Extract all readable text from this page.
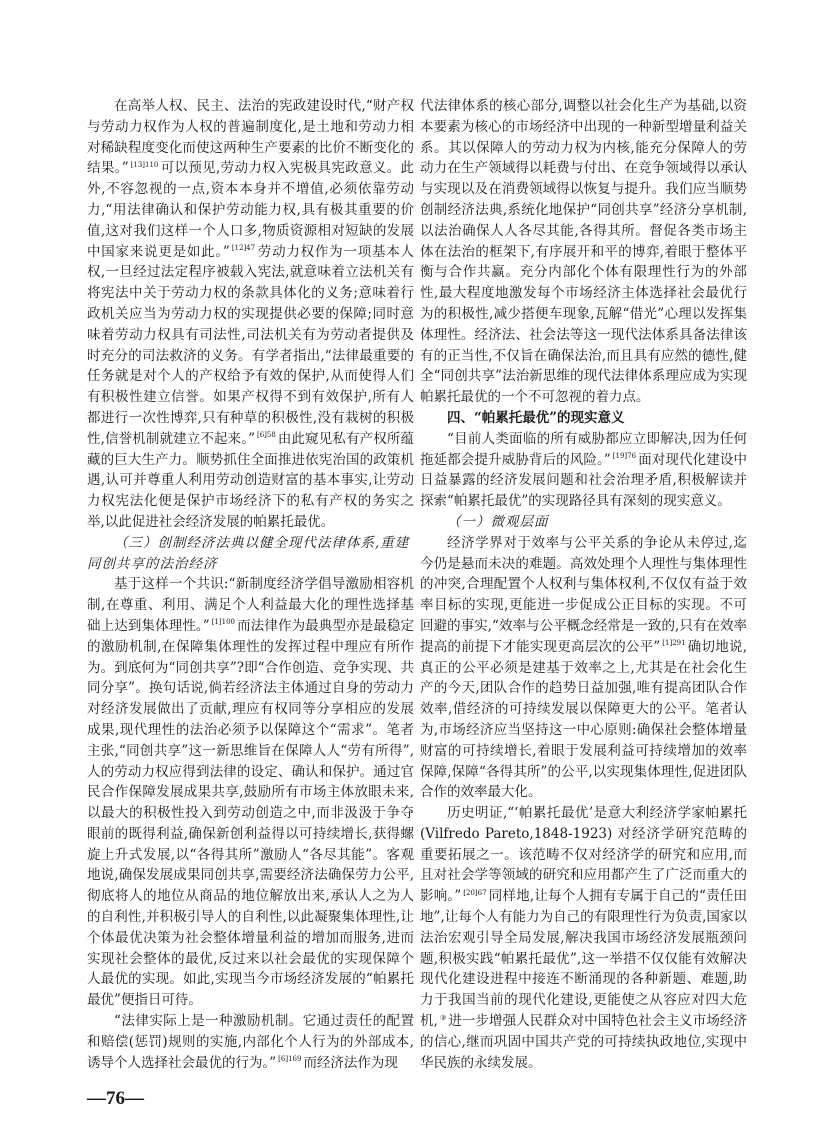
在高举人权、民主、法治的宪政建设时代,“财产权与劳动力权作为人权的普遍制度化,是土地和劳动力相对稀缺程度变化而使这两种生产要素的比价不断变化的结果。” $^{[13]110}$ 可以预见,劳动力权入宪极具宪政意义。此外,不容忽视的一点,资本本身并不增值,必须依靠劳动力,“用法律确认和保护劳动能力权,具有极其重要的价值,这对我们这样一个人口多,物质资源相对短缺的发展中国家来说更是如此。” $^{[12]47}$ 劳动力权作为一项基本人权,一旦经过法定程序被载入宪法,就意味着立法机关有将宪法中关于劳动力权的条款具体化的义务;意味着行政机关应当为劳动力权的实现提供必要的保障;同时意味着劳动力权具有司法性,司法机关有为劳动者提供及时充分的司法救济的义务。有学者指出,“法律最重要的任务就是对个人的产权给予有效的保护,从而使得人们有积极性建立信誉。如果产权得不到有效保护,所有人都进行一次性博弈,只有种草的积极性,没有栽树的积极性,信誉机制就建立不起来。” $^{[6]58}$ 由此窥见私有产权所蕴藏的巨大生产力。顺势抓住全面推进依宪治国的政策机遇,认可并尊重人利用劳动创造财富的基本事实,让劳动力权宪法化便是保护市场经济下的私有产权的务实之举,以此促进社会经济发展的帕累托最优。

（三）创制经济法典以健全现代法律体系,重建同创共享的法治经济

基于这样一个共识:“新制度经济学倡导激励相容机制,在尊重、利用、满足个人利益最大化的理性选择基础上达到集体理性。” $^{[1]100}$ 而法律作为最典型亦是最稳定的激励机制,在保障集体理性的发挥过程中理应有所作为。到底何为“同创共享”?即“合作创造、竞争实现、共同分享”。换句话说,倘若经济法主体通过自身的劳动力对经济发展做出了贡献,理应有权同等分享相应的发展成果,现代理性的法治必须予以保障这个“需求”。笔者主张,“同创共享”这一新思维旨在保障人人“劳有所得”,人的劳动力权应得到法律的设定、确认和保护。通过官民合作保障发展成果共享,鼓励所有市场主体放眼未来,以最大的积极性投入到劳动创造之中,而非汲汲于争夺眼前的既得利益,确保新创利益得以可持续增长,获得螺旋上升式发展,以“各得其所”激励人“各尽其能”。客观地说,确保发展成果同创共享,需要经济法确保劳力公平,彻底将人的地位从商品的地位解放出来,承认人之为人的自利性,并积极引导人的自利性,以此凝聚集体理性,让个体最优决策为社会整体增量利益的增加而服务,进而实现社会整体的最优,反过来以社会最优的实现保障个人最优的实现。如此,实现当今市场经济发展的“帕累托最优”便指日可待。

“法律实际上是一种激励机制。它通过责任的配置和赔偿(惩罚)规则的实施,内部化个人行为的外部成本,诱导个人选择社会最优的行为。” $^{[6]169}$ 而经济法作为现

代法律体系的核心部分,调整以社会化生产为基础,以资本要素为核心的市场经济中出现的一种新型增量利益关系。其以保障人的劳动力权为内核,能充分保障人的劳动力在生产领域得以耗费与付出、在竞争领域得以承认与实现以及在消费领域得以恢复与提升。我们应当顺势创制经济法典,系统化地保护“同创共享”经济分享机制,以法治确保人人各尽其能,各得其所。督促各类市场主体在法治的框架下,有序展开和平的博弈,着眼于整体平衡与合作共赢。充分内部化个体有限理性行为的外部性,最大程度地激发每个市场经济主体选择社会最优行为的积极性,减少搭便车现象,瓦解“借光”心理以发挥集体理性。经济法、社会法等这一现代法体系具备法律该有的正当性,不仅旨在确保法治,而且具有应然的德性,健全“同创共享”法治新思维的现代法律体系理应成为实现帕累托最优的一个不可忽视的着力点。

四、“帕累托最优”的现实意义

“目前人类面临的所有威胁都应立即解决,因为任何拖延都会提升威胁背后的风险。” $^{[19]76}$ 面对现代化建设中日益暴露的经济发展问题和社会治理矛盾,积极解读并探索“帕累托最优”的实现路径具有深刻的现实意义。

（一）微观层面

经济学界对于效率与公平关系的争论从未停过,迄今仍是悬而未决的难题。高效处理个人理性与集体理性的冲突,合理配置个人权利与集体权利,不仅仅有益于效率目标的实现,更能进一步促成公正目标的实现。不可回避的事实,“效率与公平概念经常是一致的,只有在效率提高的前提下才能实现更高层次的公平” $^{[1]291}$ 确切地说,真正的公平必须是建基于效率之上,尤其是在社会化生产的今天,团队合作的趋势日益加强,唯有提高团队合作效率,借经济的可持续发展以保障更大的公平。笔者认为,市场经济应当坚持这一中心原则:确保社会整体增量财富的可持续增长,着眼于发展利益可持续增加的效率保障,保障“各得其所”的公平,以实现集体理性,促进团队合作的效率最大化。

历史明证,“‘帕累托最优’是意大利经济学家帕累托 (Vilfredo Pareto,1848-1923) 对经济学研究范畴的重要拓展之一。该范畴不仅对经济学的研究和应用,而且对社会学等领域的研究和应用都产生了广泛而重大的影响。” $^{[20]67}$ 同样地,让每个人拥有专属于自己的“责任田地”,让每个人有能力为自己的有限理性行为负责,国家以法治宏观引导全局发展,解决我国市场经济发展瓶颈问题,积极实践“帕累托最优”,这一举措不仅仅能有效解决现代化建设进程中接连不断涌现的各种新题、难题,助力于我国当前的现代化建设,更能使之从容应对四大危机, ③ 进一步增强人民群众对中国特色社会主义市场经济的信心,继而巩固中国共产党的可持续执政地位,实现中华民族的永续发展。

—76—
